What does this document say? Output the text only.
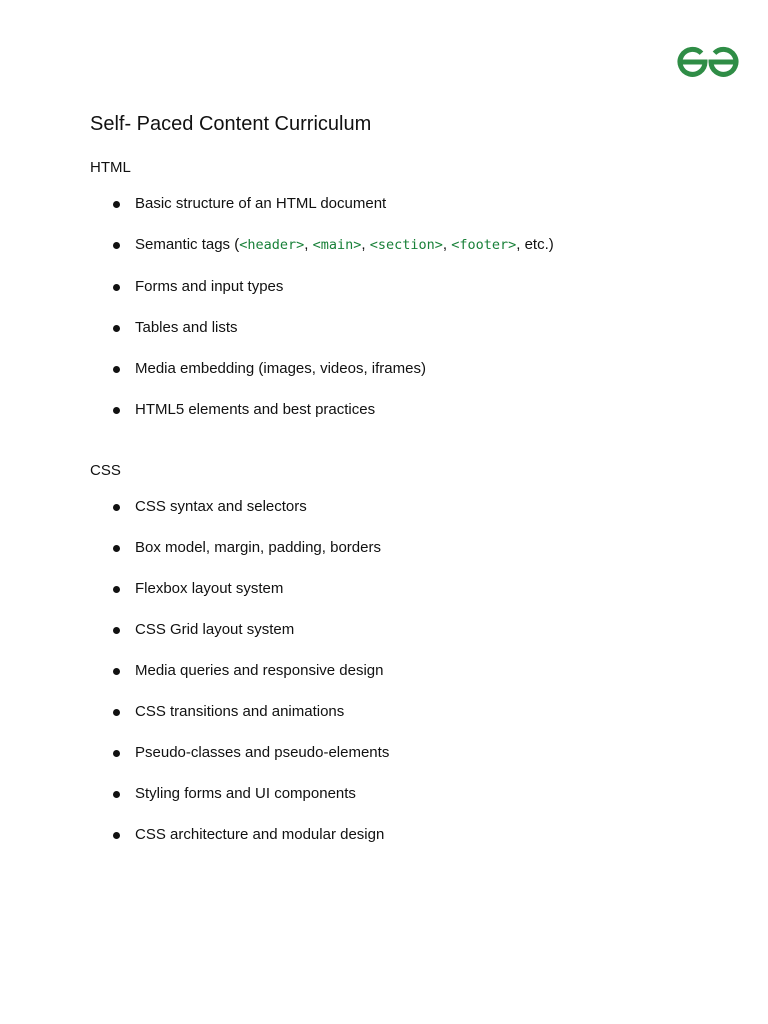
Self- Paced Content Curriculum
HTML
Basic structure of an HTML document
Semantic tags (<header>, <main>, <section>, <footer>, etc.)
Forms and input types
Tables and lists
Media embedding (images, videos, iframes)
HTML5 elements and best practices
CSS
CSS syntax and selectors
Box model, margin, padding, borders
Flexbox layout system
CSS Grid layout system
Media queries and responsive design
CSS transitions and animations
Pseudo-classes and pseudo-elements
Styling forms and UI components
CSS architecture and modular design
